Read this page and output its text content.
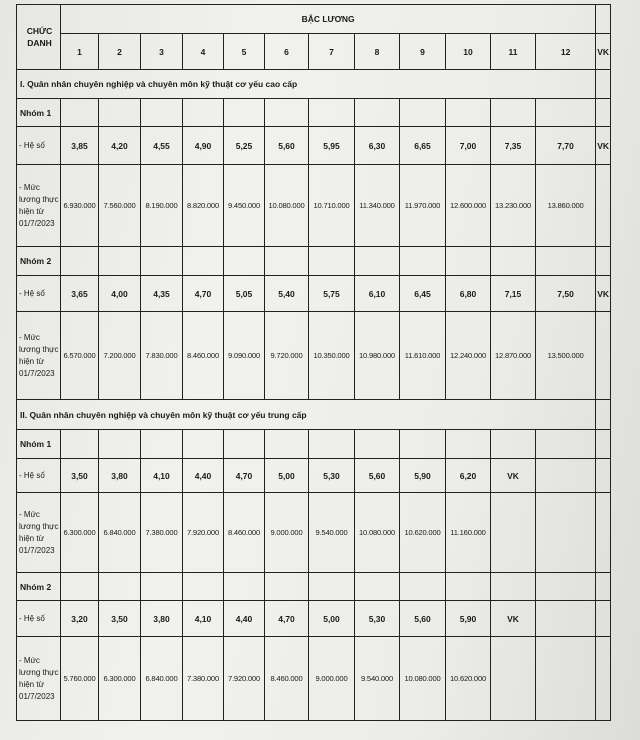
CHỨC DANH	BẬC LƯƠNG												
	1	2	3	4	5	6	7	8	9	10	11	12	VK
I. Quân nhân chuyên nghiệp và chuyên môn kỹ thuật cơ yếu cao cấp													
Nhóm 1													
- Hệ số	3,85	4,20	4,55	4,90	5,25	5,60	5,95	6,30	6,65	7,00	7,35	7,70	VK
- Mức lương thực hiện từ 01/7/2023	6.930.000	7.560.000	8.190.000	8.820.000	9.450.000	10.080.000	10.710.000	11.340.000	11.970.000	12.600.000	13.230.000	13.860.000	
Nhóm 2													
- Hệ số	3,65	4,00	4,35	4,70	5,05	5,40	5,75	6,10	6,45	6,80	7,15	7,50	VK
- Mức lương thực hiện từ 01/7/2023	6.570.000	7.200.000	7.830.000	8.460.000	9.090.000	9.720.000	10.350.000	10.980.000	11.610.000	12.240.000	12.870.000	13.500.000	
II. Quân nhân chuyên nghiệp và chuyên môn kỹ thuật cơ yếu trung cấp													
Nhóm 1													
- Hệ số	3,50	3,80	4,10	4,40	4,70	5,00	5,30	5,60	5,90	6,20	VK		
- Mức lương thực hiện từ 01/7/2023	6.300.000	6.840.000	7.380.000	7.920.000	8.460.000	9.000.000	9.540.000	10.080.000	10.620.000	11.160.000			
Nhóm 2													
- Hệ số	3,20	3,50	3,80	4,10	4,40	4,70	5,00	5,30	5,60	5,90	VK		
- Mức lương thực hiện từ 01/7/2023	5.760.000	6.300.000	6.840.000	7.380.000	7.920.000	8.460.000	9.000.000	9.540.000	10.080.000	10.620.000			
